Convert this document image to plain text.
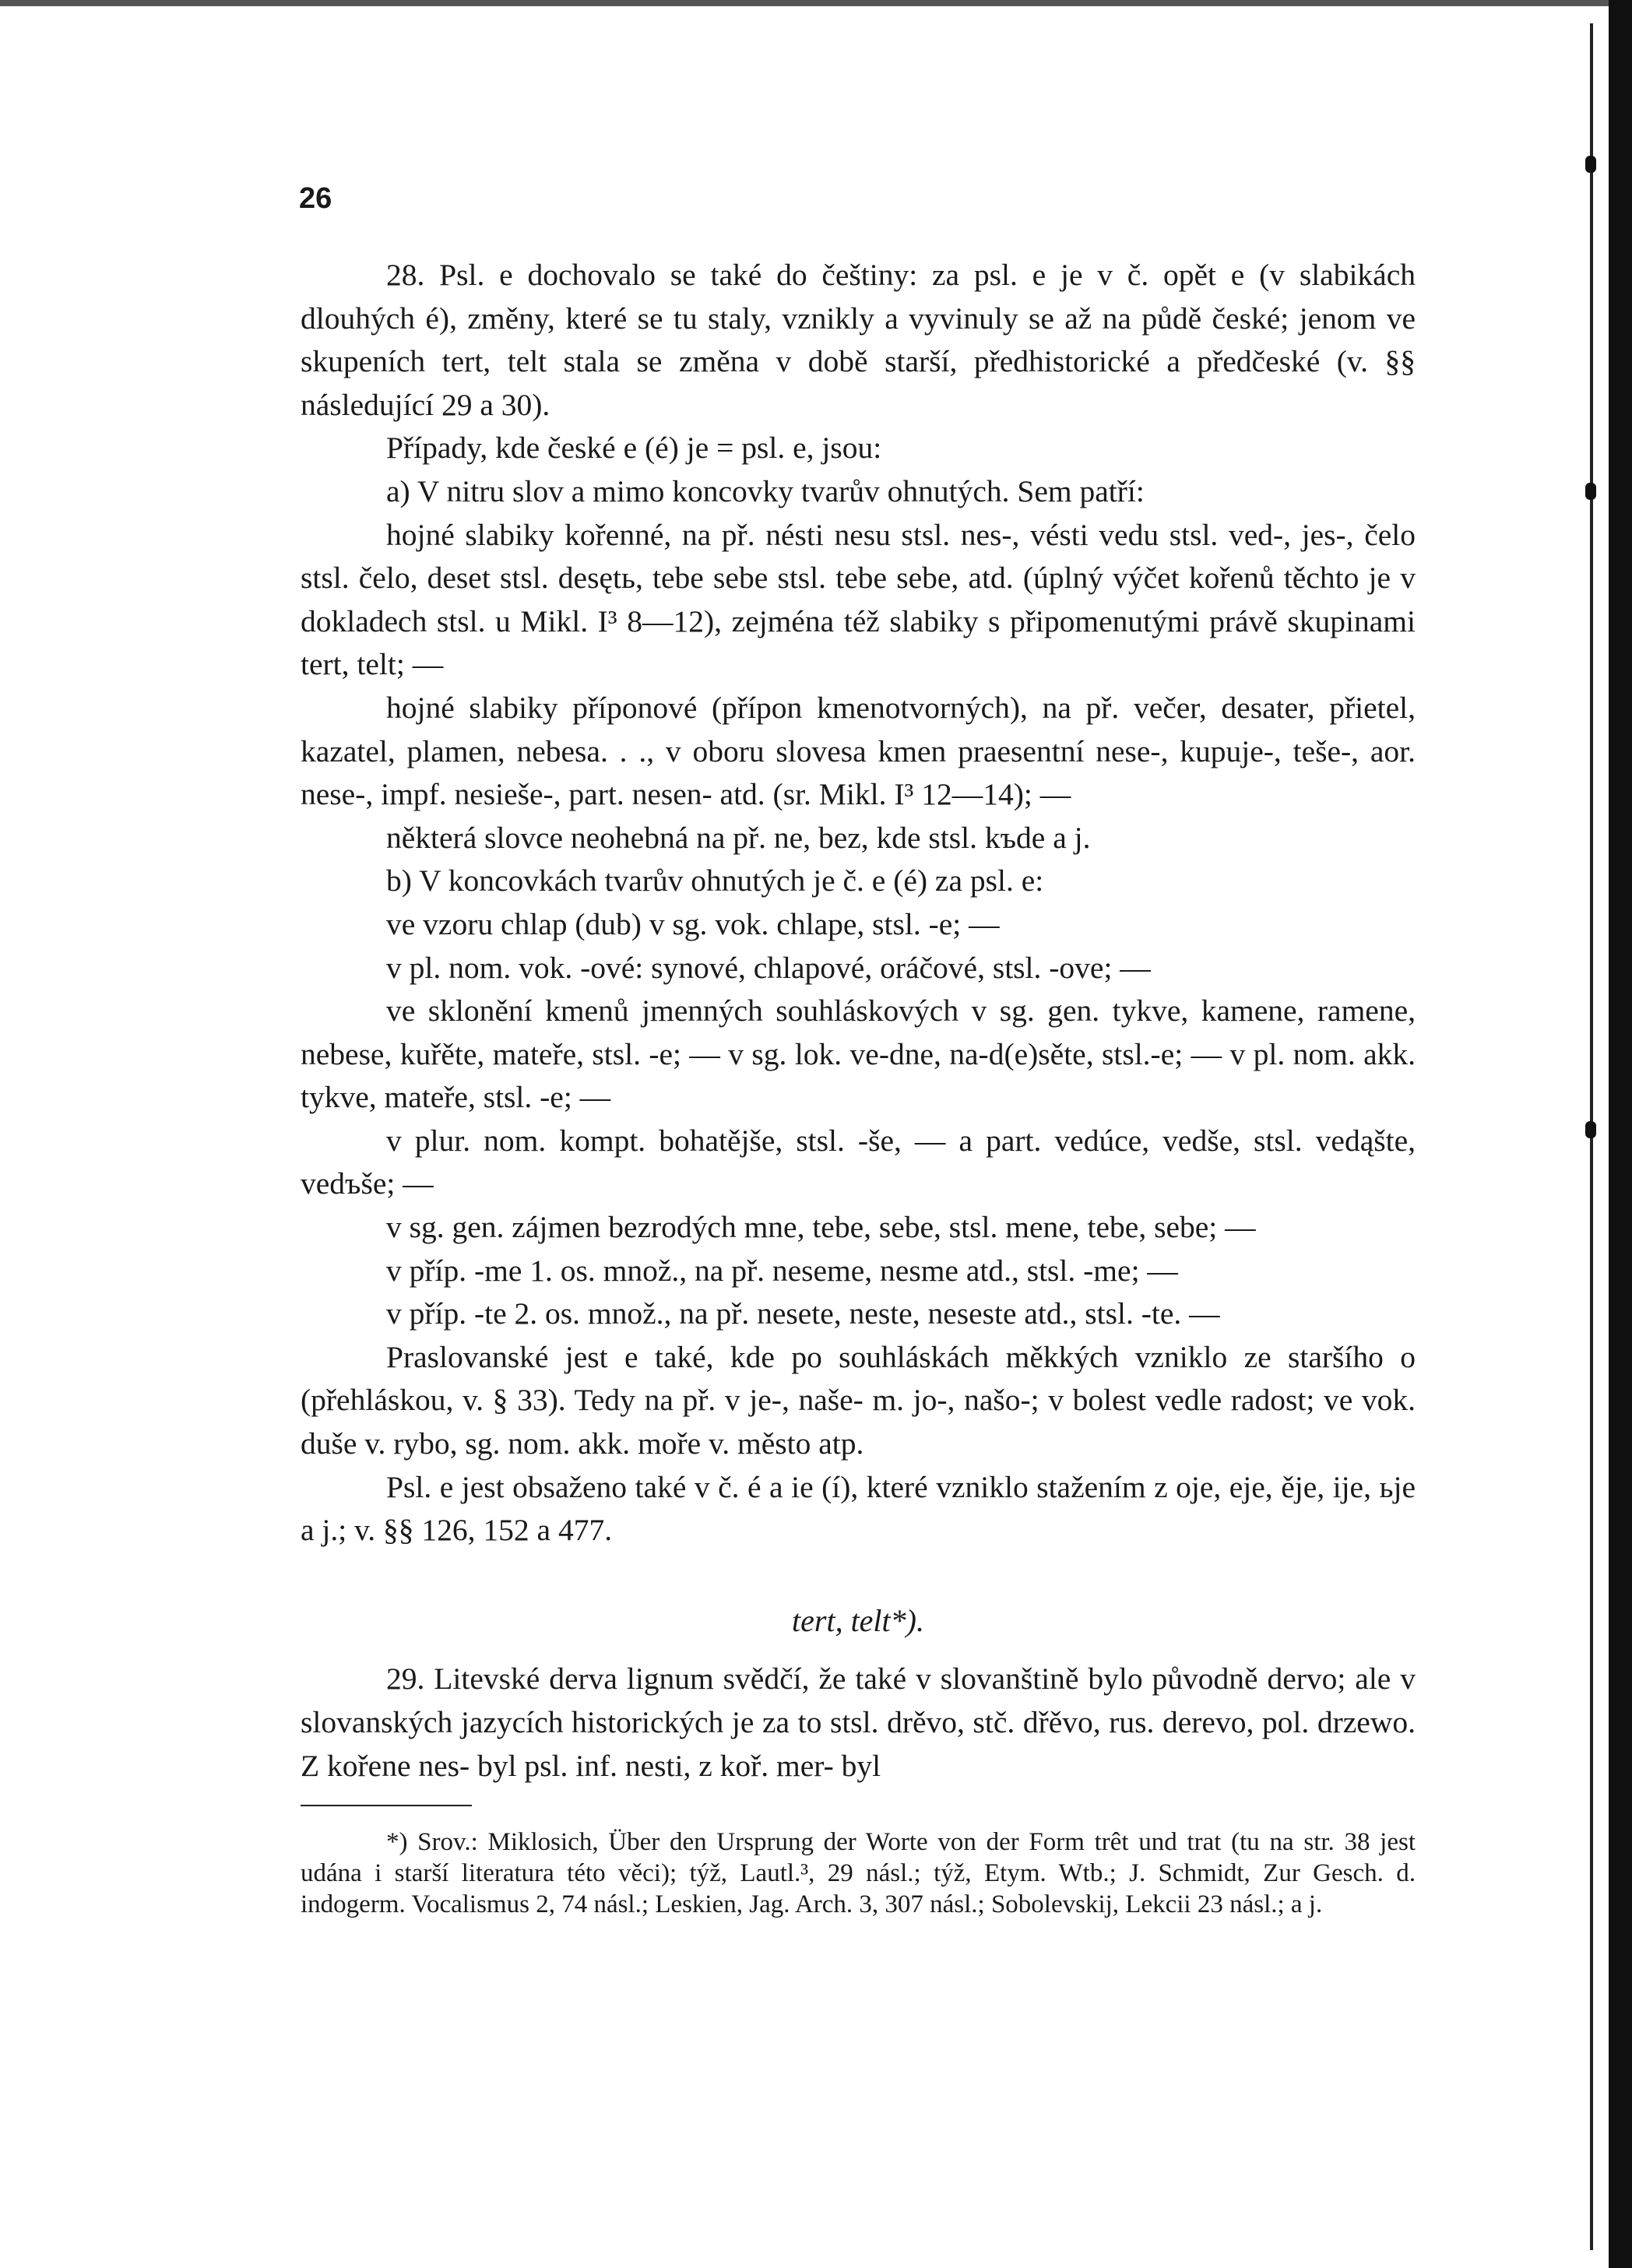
26

28. Psl. e dochovalo se také do češtiny: za psl. e je v č. opět e (v slabikách dlouhých é), změny, které se tu staly, vznikly a vyvinuly se až na půdě české; jenom ve skupeních tert, telt stala se změna v době starší, předhistorické a předčeské (v. §§ následující 29 a 30).

Případy, kde české e (é) je = psl. e, jsou:

a) V nitru slov a mimo koncovky tvarův ohnutých. Sem patří:

hojné slabiky kořenné, na př. nésti nesu stsl. nes-, vésti vedu stsl. ved-, jes-, čelo stsl. čelo, deset stsl. desętь, tebe sebe stsl. tebe sebe, atd. (úplný výčet kořenů těchto je v dokladech stsl. u Mikl. I³ 8—12), zejména též slabiky s připomenutými právě skupinami tert, telt; —

hojné slabiky příponové (přípon kmenotvorných), na př. večer, desater, přietel, kazatel, plamen, nebesa. . ., v oboru slovesa kmen praesentní nese-, kupuje-, teše-, aor. nese-, impf. nesieše-, part. nesen- atd. (sr. Mikl. I³ 12—14); —

některá slovce neohebná na př. ne, bez, kde stsl. kъde a j.

b) V koncovkách tvarův ohnutých je č. e (é) za psl. e:

ve vzoru chlap (dub) v sg. vok. chlape, stsl. -e; —

v pl. nom. vok. -ové: synové, chlapové, oráčové, stsl. -ove; —

ve sklonění kmenů jmenných souhláskových v sg. gen. tykve, kamene, ramene, nebese, kuřěte, mateře, stsl. -e; — v sg. lok. ve-dne, na-d(e)sěte, stsl.-e; — v pl. nom. akk. tykve, mateře, stsl. -e; —

v plur. nom. kompt. bohatějše, stsl. -še, — a part. vedúce, vedše, stsl. vedąšte, vedъše; —

v sg. gen. zájmen bezrodých mne, tebe, sebe, stsl. mene, tebe, sebe; —

v příp. -me 1. os. množ., na př. neseme, nesme atd., stsl. -me; —

v příp. -te 2. os. množ., na př. nesete, neste, neseste atd., stsl. -te. —

Praslovanské jest e také, kde po souhláskách měkkých vzniklo ze staršího o (přehláskou, v. § 33). Tedy na př. v je-, naše- m. jo-, našo-; v bolest vedle radost; ve vok. duše v. rybo, sg. nom. akk. moře v. město atp.

Psl. e jest obsaženo také v č. é a ie (í), které vzniklo stažením z oje, eje, ěje, ije, ьje a j.; v. §§ 126, 152 a 477.

tert, telt*).

29. Litevské derva lignum svědčí, že také v slovanštině bylo původně dervo; ale v slovanských jazycích historických je za to stsl. drěvo, stč. dřěvo, rus. derevo, pol. drzewo. Z kořene nes- byl psl. inf. nesti, z koř. mer- byl

*) Srov.: Miklosich, Über den Ursprung der Worte von der Form trêt und trat (tu na str. 38 jest udána i starší literatura této věci); týž, Lautl.³, 29 násl.; týž, Etym. Wtb.; J. Schmidt, Zur Gesch. d. indogerm. Vocalismus 2, 74 násl.; Leskien, Jag. Arch. 3, 307 násl.; Sobolevskij, Lekcii 23 násl.; a j.
